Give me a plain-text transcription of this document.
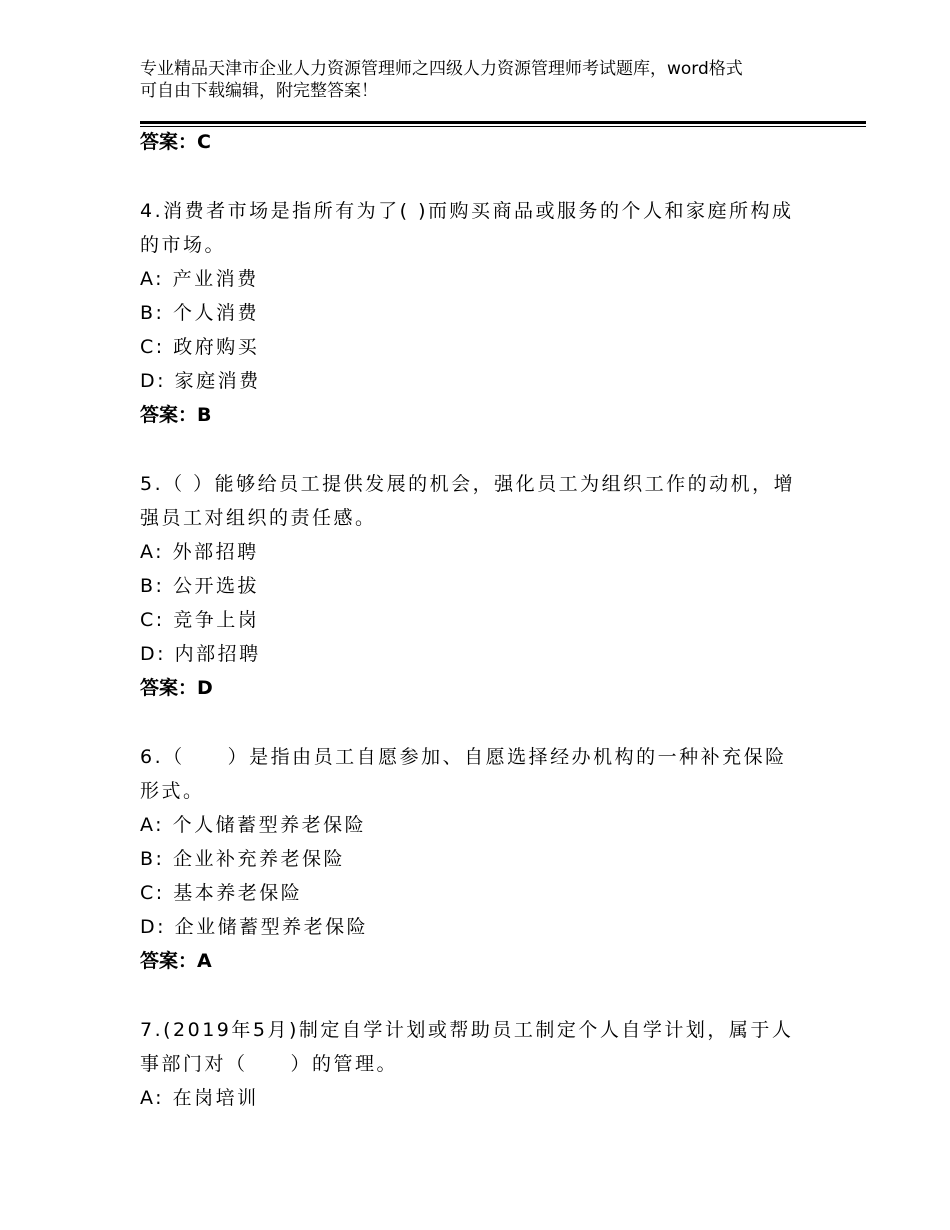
专业精品天津市企业人力资源管理师之四级人力资源管理师考试题库，word格式
可自由下载编辑，附完整答案！
答案：C
4.消费者市场是指所有为了( )而购买商品或服务的个人和家庭所构成
的市场。
A: 产业消费
B: 个人消费
C: 政府购买
D: 家庭消费
答案：B
5.（ ）能够给员工提供发展的机会，强化员工为组织工作的动机，增
强员工对组织的责任感。
A: 外部招聘
B: 公开选拔
C: 竞争上岗
D: 内部招聘
答案：D
6.（　　）是指由员工自愿参加、自愿选择经办机构的一种补充保险
形式。
A: 个人储蓄型养老保险
B: 企业补充养老保险
C: 基本养老保险
D: 企业储蓄型养老保险
答案：A
7.(2019年5月)制定自学计划或帮助员工制定个人自学计划，属于人
事部门对（　　）的管理。
A: 在岗培训
